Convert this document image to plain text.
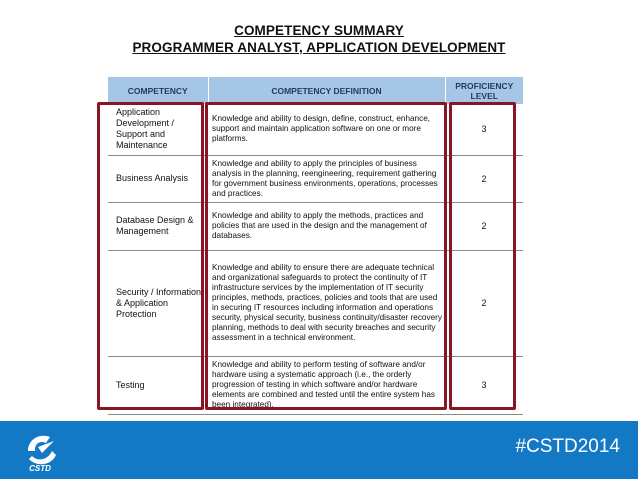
COMPETENCY SUMMARY
PROGRAMMER ANALYST, APPLICATION DEVELOPMENT
COMPETENCY	COMPETENCY DEFINITION	PROFICIENCY LEVEL
Application Development / Support and Maintenance	Knowledge and ability to design, define, construct, enhance, support and maintain application software on one or more platforms.	3
Business Analysis	Knowledge and ability to apply the principles of business analysis in the planning, reengineering, requirement gathering for government business environments, operations, processes and practices.	2
Database Design & Management	Knowledge and ability to apply the methods, practices and policies that are used in the design and the management of databases.	2
Security / Information & Application Protection	Knowledge and ability to ensure there are adequate technical and organizational safeguards to protect the continuity of IT infrastructure services by the implementation of IT security principles, methods, practices, policies and tools that are used in securing IT resources including information and operations security, physical security, business continuity/disaster recovery planning, methods to deal with security breaches and security assessment in a technical environment.	2
Testing	Knowledge and ability to perform testing of software and/or hardware using a systematic approach (i.e., the orderly progression of testing in which software and/or hardware elements are combined and tested until the entire system has been integrated).	3
CSTD
#CSTD2014
